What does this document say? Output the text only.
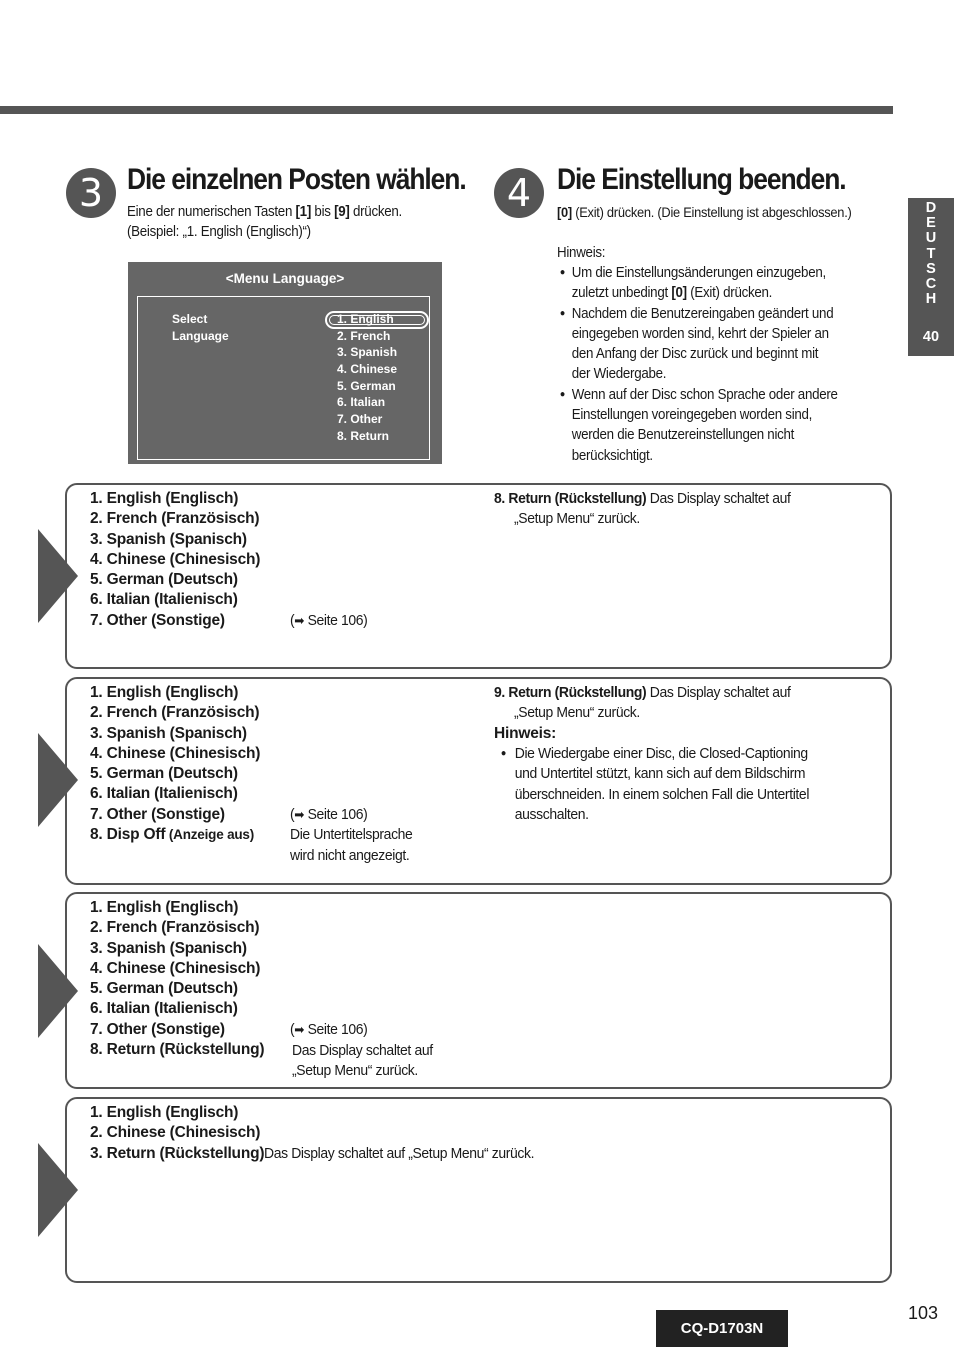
3 Die einzelnen Posten wählen.
Eine der numerischen Tasten [1] bis [9] drücken.
(Beispiel: „1. English (Englisch)“)
<Menu Language>
Select
Language
1. English
2. French
3. Spanish
4. Chinese
5. German
6. Italian
7. Other
8. Return
4 Die Einstellung beenden.
[0] (Exit) drücken. (Die Einstellung ist abgeschlossen.)
Hinweis:
● Um die Einstellungsänderungen einzugeben,
zuletzt unbedingt [0] (Exit) drücken.
● Nachdem die Benutzereingaben geändert und
eingegeben worden sind, kehrt der Spieler an
den Anfang der Disc zurück und beginnt mit
der Wiedergabe.
● Wenn auf der Disc schon Sprache oder andere
Einstellungen voreingegeben worden sind,
werden die Benutzereinstellungen nicht
berücksichtigt.
D
E
U
T
S
C
H
40
1. English (Englisch)
2. French (Französisch)
3. Spanish (Spanisch)
4. Chinese (Chinesisch)
5. German (Deutsch)
6. Italian (Italienisch)
7. Other (Sonstige)	(➡ Seite 106)
8. Return (Rückstellung) Das Display schaltet auf
„Setup Menu“ zurück.
1. English (Englisch)
2. French (Französisch)
3. Spanish (Spanisch)
4. Chinese (Chinesisch)
5. German (Deutsch)
6. Italian (Italienisch)
7. Other (Sonstige)
8. Disp Off (Anzeige aus)
(➡ Seite 106)
Die Untertitelsprache
wird nicht angezeigt.
9. Return (Rückstellung) Das Display schaltet auf
„Setup Menu“ zurück.
Hinweis:
● Die Wiedergabe einer Disc, die Closed-Captioning
und Untertitel stützt, kann sich auf dem Bildschirm
überschneiden. In einem solchen Fall die Untertitel
ausschalten.
1. English (Englisch)
2. French (Französisch)
3. Spanish (Spanisch)
4. Chinese (Chinesisch)
5. German (Deutsch)
6. Italian (Italienisch)
7. Other (Sonstige)
8. Return (Rückstellung)
(➡ Seite 106)
Das Display schaltet auf
„Setup Menu“ zurück.
1. English (Englisch)
2. Chinese (Chinesisch)
3. Return (Rückstellung)Das Display schaltet auf „Setup Menu“ zurück.
CQ-D1703N
103
